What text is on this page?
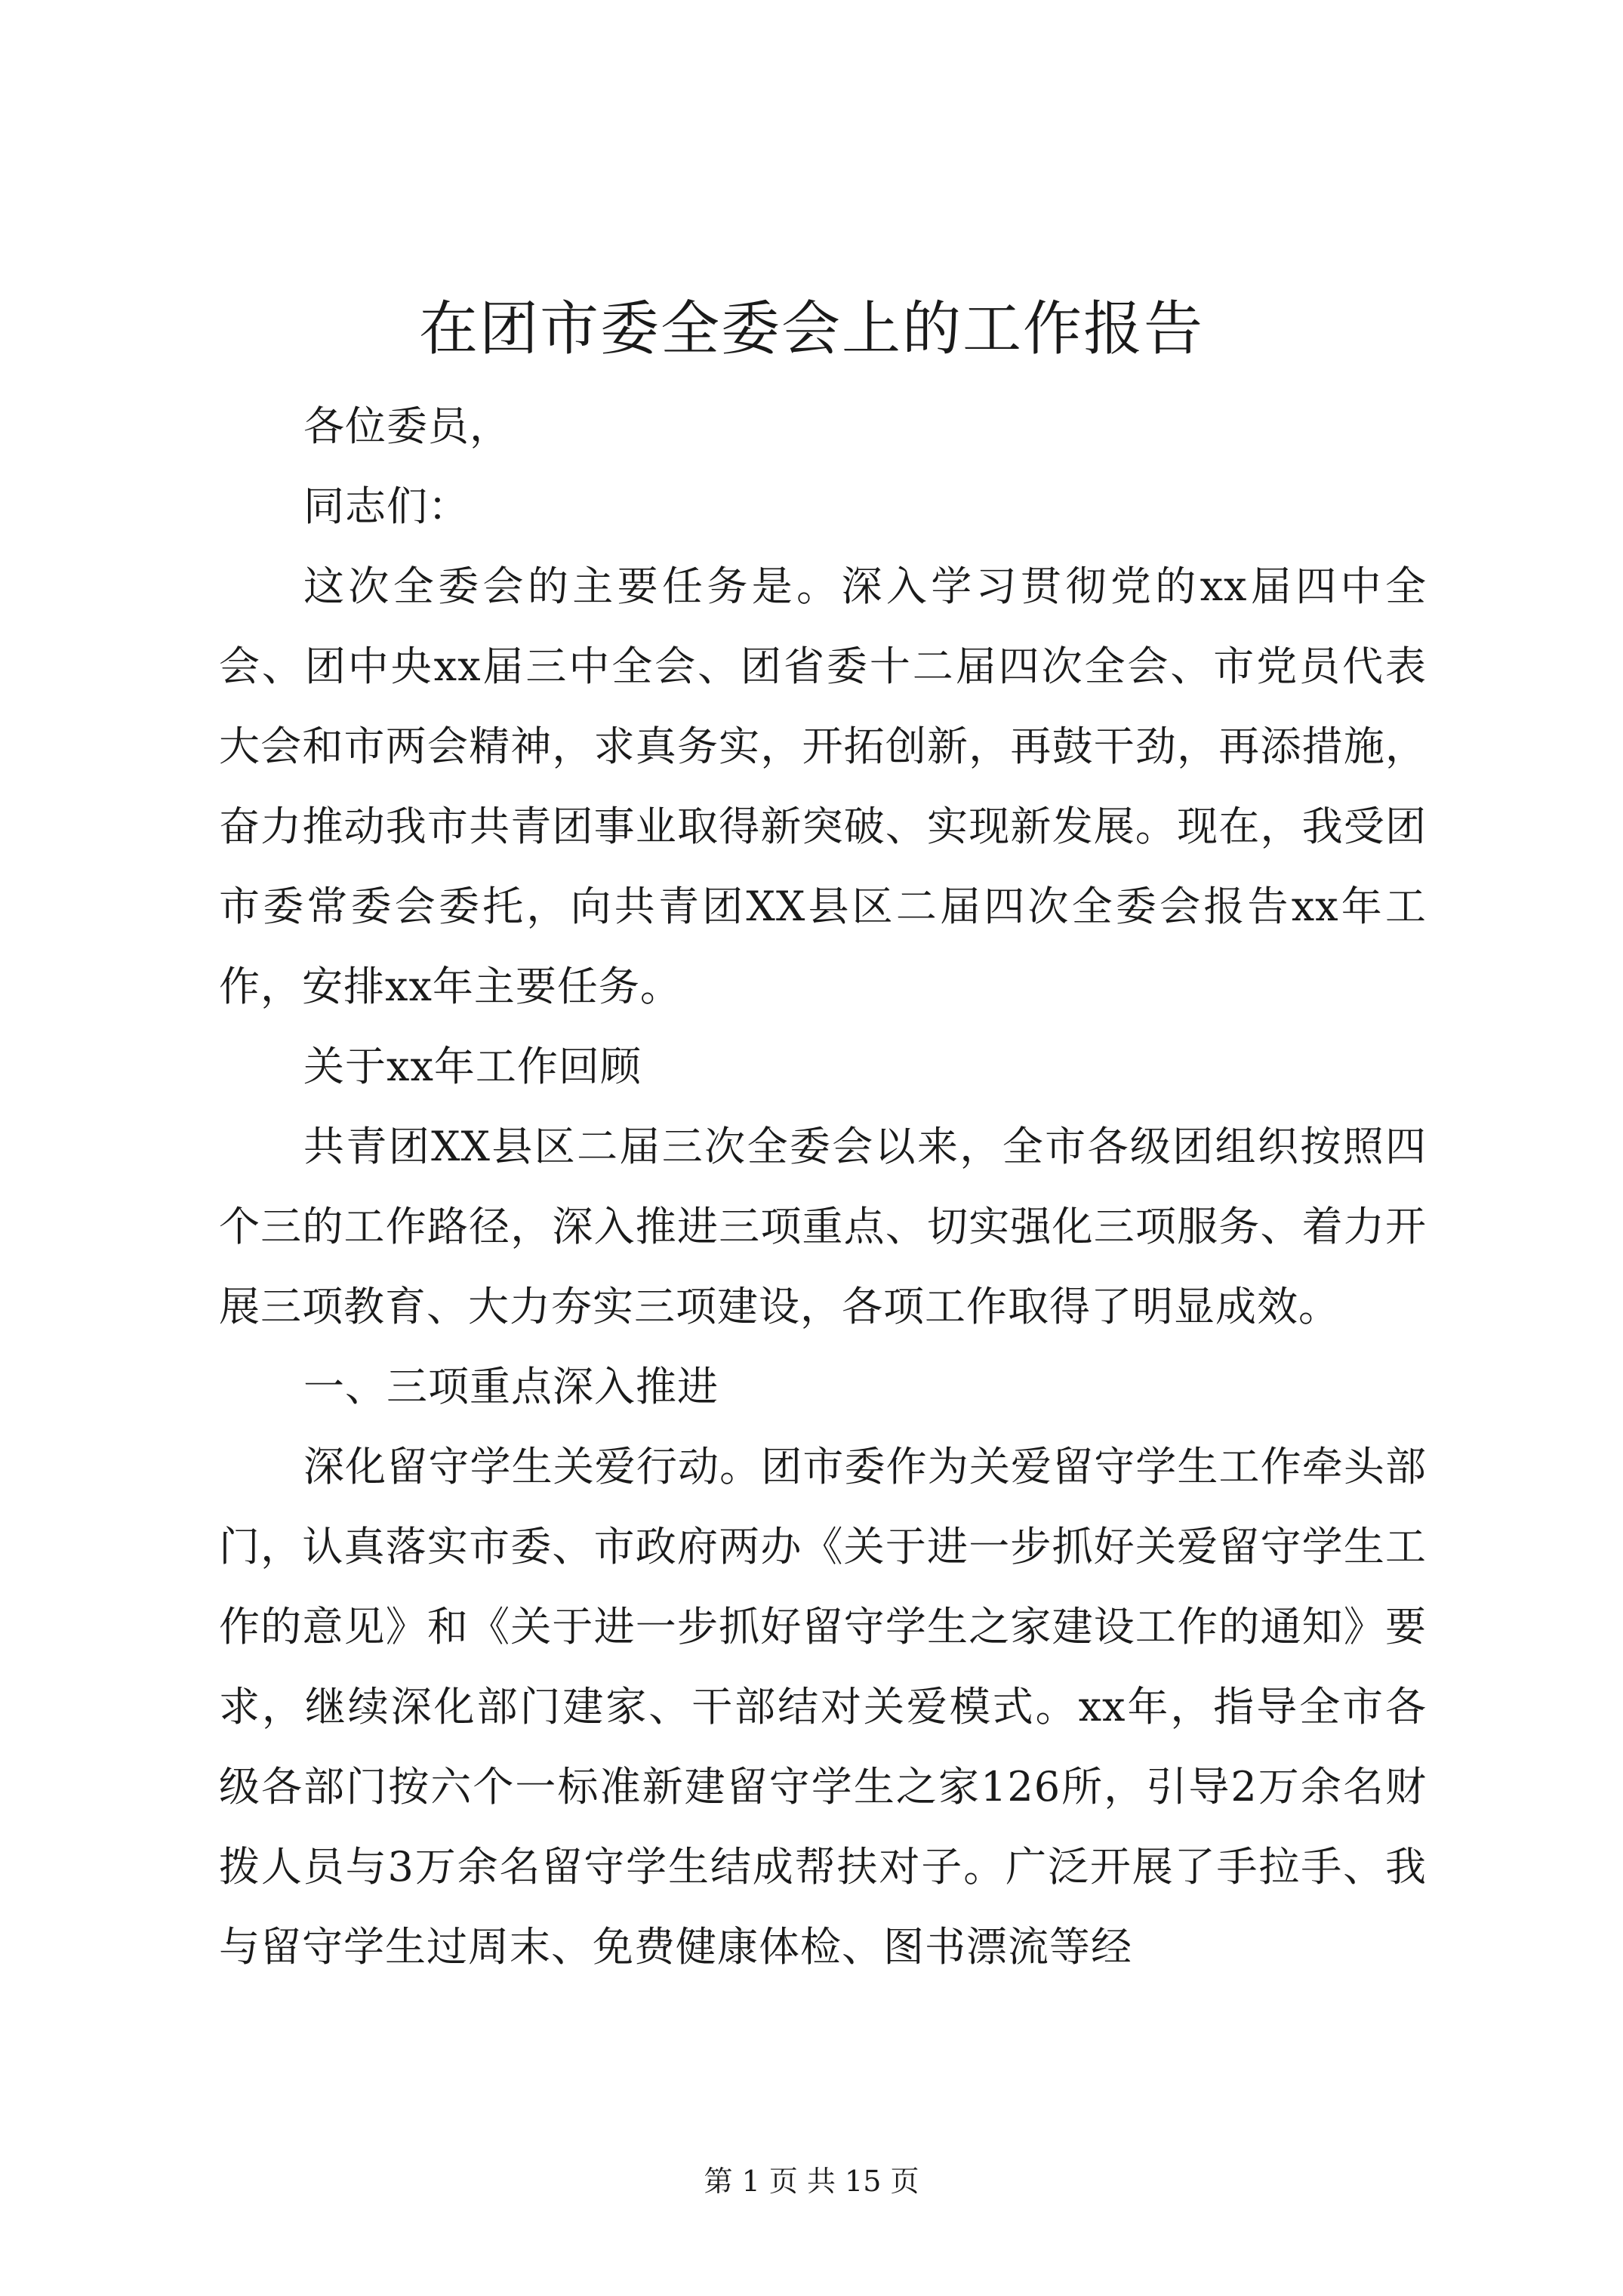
在团市委全委会上的工作报告

各位委员，

同志们：

这次全委会的主要任务是。深入学习贯彻党的xx届四中全会、团中央xx届三中全会、团省委十二届四次全会、市党员代表大会和市两会精神，求真务实，开拓创新，再鼓干劲，再添措施，奋力推动我市共青团事业取得新突破、实现新发展。现在，我受团市委常委会委托，向共青团XX县区二届四次全委会报告xx年工作，安排xx年主要任务。

关于xx年工作回顾

共青团XX县区二届三次全委会以来，全市各级团组织按照四个三的工作路径，深入推进三项重点、切实强化三项服务、着力开展三项教育、大力夯实三项建设，各项工作取得了明显成效。

一、三项重点深入推进

深化留守学生关爱行动。团市委作为关爱留守学生工作牵头部门，认真落实市委、市政府两办《关于进一步抓好关爱留守学生工作的意见》和《关于进一步抓好留守学生之家建设工作的通知》要求，继续深化部门建家、干部结对关爱模式。xx年，指导全市各级各部门按六个一标准新建留守学生之家126所，引导2万余名财拨人员与3万余名留守学生结成帮扶对子。广泛开展了手拉手、我与留守学生过周末、免费健康体检、图书漂流等经

第 1 页 共 15 页
